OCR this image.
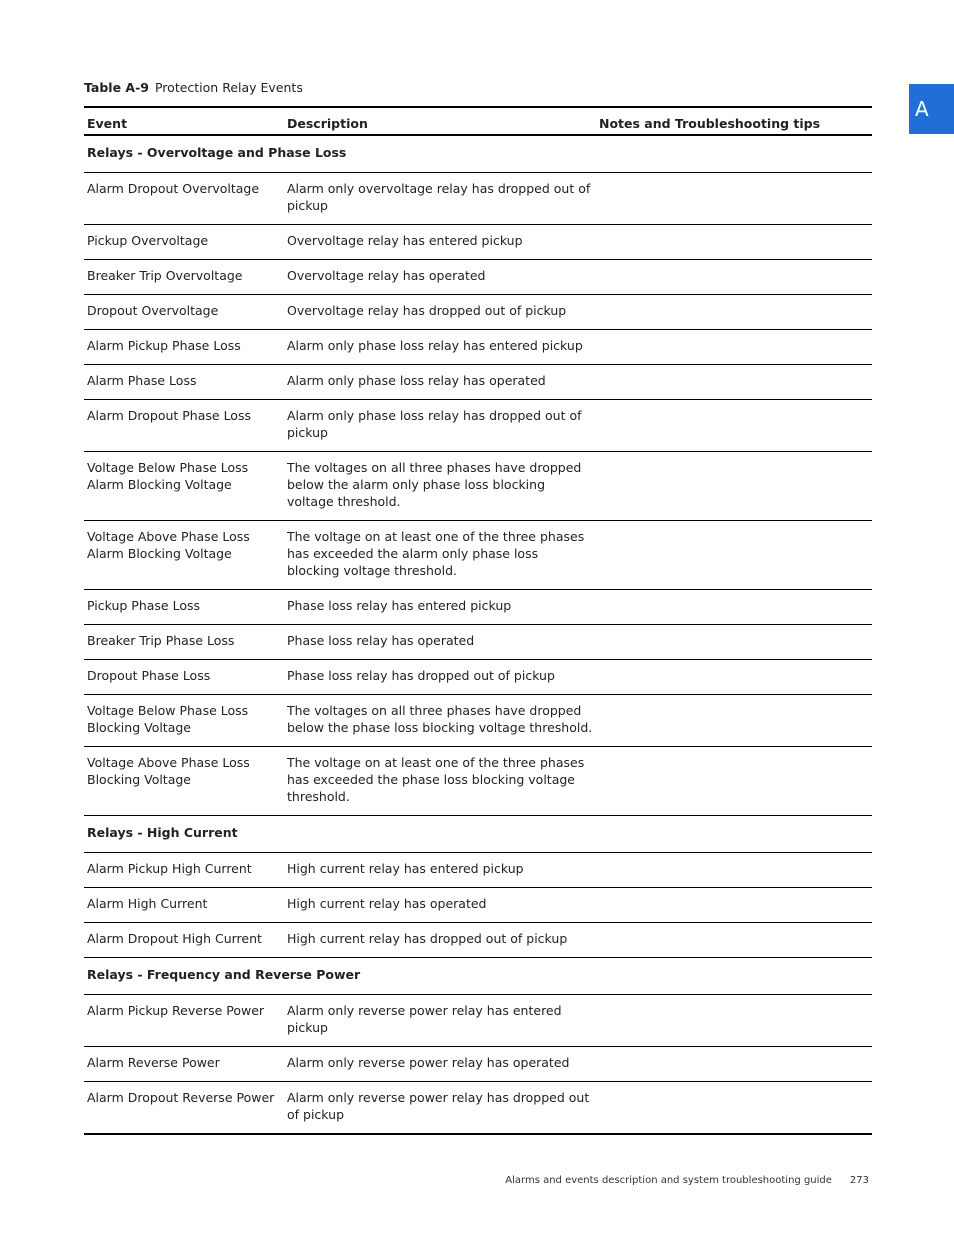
Table A-9 Protection Relay Events
A
Event	Description	Notes and Troubleshooting tips
Relays - Overvoltage and Phase Loss		
Alarm Dropout Overvoltage	Alarm only overvoltage relay has dropped out of pickup	
Pickup Overvoltage	Overvoltage relay has entered pickup	
Breaker Trip Overvoltage	Overvoltage relay has operated	
Dropout Overvoltage	Overvoltage relay has dropped out of pickup	
Alarm Pickup Phase Loss	Alarm only phase loss relay has entered pickup	
Alarm Phase Loss	Alarm only phase loss relay has operated	
Alarm Dropout Phase Loss	Alarm only phase loss relay has dropped out of pickup	
Voltage Below Phase Loss Alarm Blocking Voltage	The voltages on all three phases have dropped below the alarm only phase loss blocking voltage threshold.	
Voltage Above Phase Loss Alarm Blocking Voltage	The voltage on at least one of the three phases has exceeded the alarm only phase loss blocking voltage threshold.	
Pickup Phase Loss	Phase loss relay has entered pickup	
Breaker Trip Phase Loss	Phase loss relay has operated	
Dropout Phase Loss	Phase loss relay has dropped out of pickup	
Voltage Below Phase Loss Blocking Voltage	The voltages on all three phases have dropped below the phase loss blocking voltage threshold.	
Voltage Above Phase Loss Blocking Voltage	The voltage on at least one of the three phases has exceeded the phase loss blocking voltage threshold.	
Relays - High Current		
Alarm Pickup High Current	High current relay has entered pickup	
Alarm High Current	High current relay has operated	
Alarm Dropout High Current	High current relay has dropped out of pickup	
Relays - Frequency and Reverse Power		
Alarm Pickup Reverse Power	Alarm only reverse power relay has entered pickup	
Alarm Reverse Power	Alarm only reverse power relay has operated	
Alarm Dropout Reverse Power	Alarm only reverse power relay has dropped out of pickup	
Alarms and events description and system troubleshooting guide 273
